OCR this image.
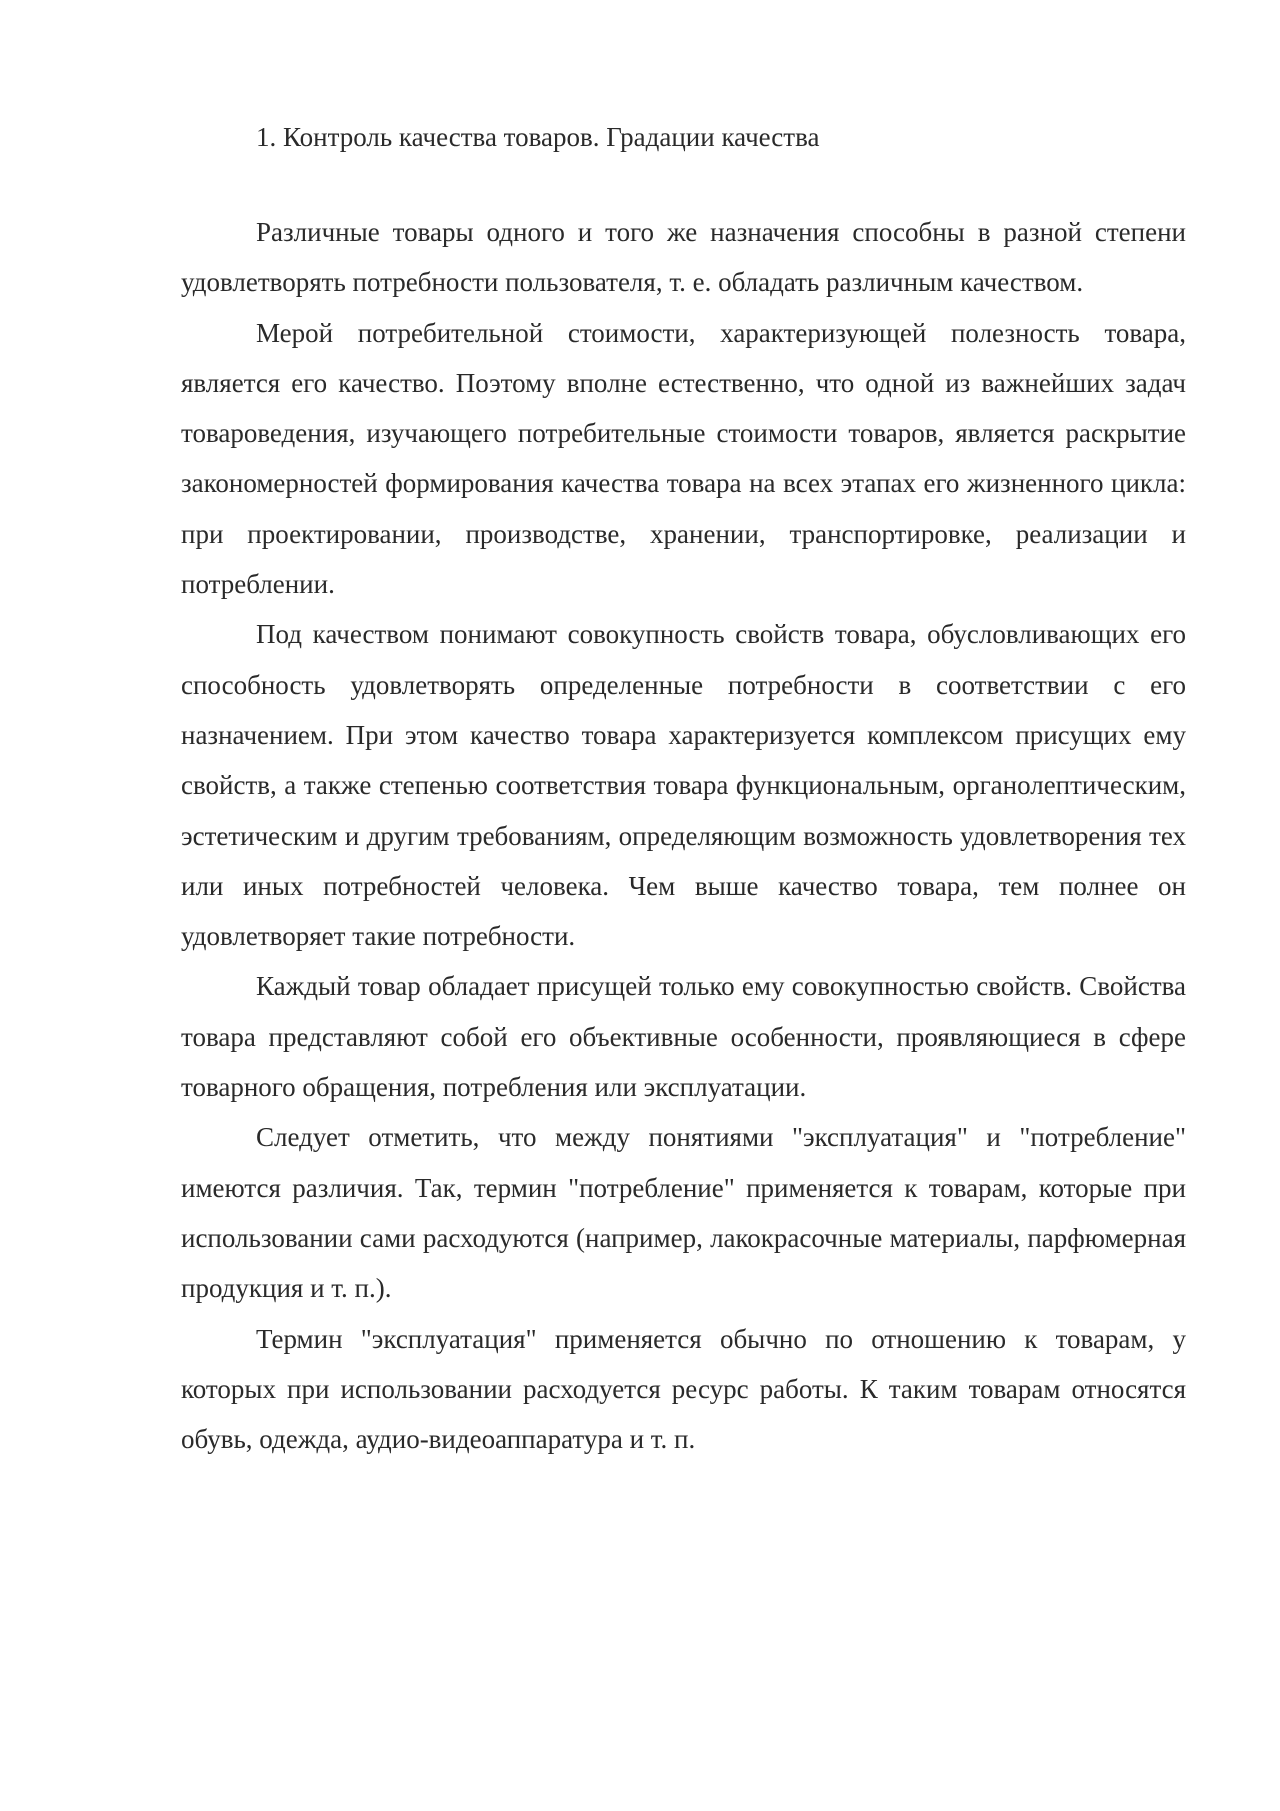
1. Контроль качества товаров. Градации качества

Различные товары одного и того же назначения способны в разной степени удовлетворять потребности пользователя, т. е. обладать различным качеством.

Мерой потребительной стоимости, характеризующей полезность товара, является его качество. Поэтому вполне естественно, что одной из важнейших задач товароведения, изучающего потребительные стоимости товаров, является раскрытие закономерностей формирования качества товара на всех этапах его жизненного цикла: при проектировании, производстве, хранении, транспортировке, реализации и потреблении.

Под качеством понимают совокупность свойств товара, обусловливающих его способность удовлетворять определенные потребности в соответствии с его назначением. При этом качество товара характеризуется комплексом присущих ему свойств, а также степенью соответствия товара функциональным, органолептическим, эстетическим и другим требованиям, определяющим возможность удовлетворения тех или иных потребностей человека. Чем выше качество товара, тем полнее он удовлетворяет такие потребности.

Каждый товар обладает присущей только ему совокупностью свойств. Свойства товара представляют собой его объективные особенности, проявляющиеся в сфере товарного обращения, потребления или эксплуатации.

Следует отметить, что между понятиями "эксплуатация" и "потребление" имеются различия. Так, термин "потребление" применяется к товарам, которые при использовании сами расходуются (например, лакокрасочные материалы, парфюмерная продукция и т. п.).

Термин "эксплуатация" применяется обычно по отношению к товарам, у которых при использовании расходуется ресурс работы. К таким товарам относятся обувь, одежда, аудио-видеоаппаратура и т. п.
